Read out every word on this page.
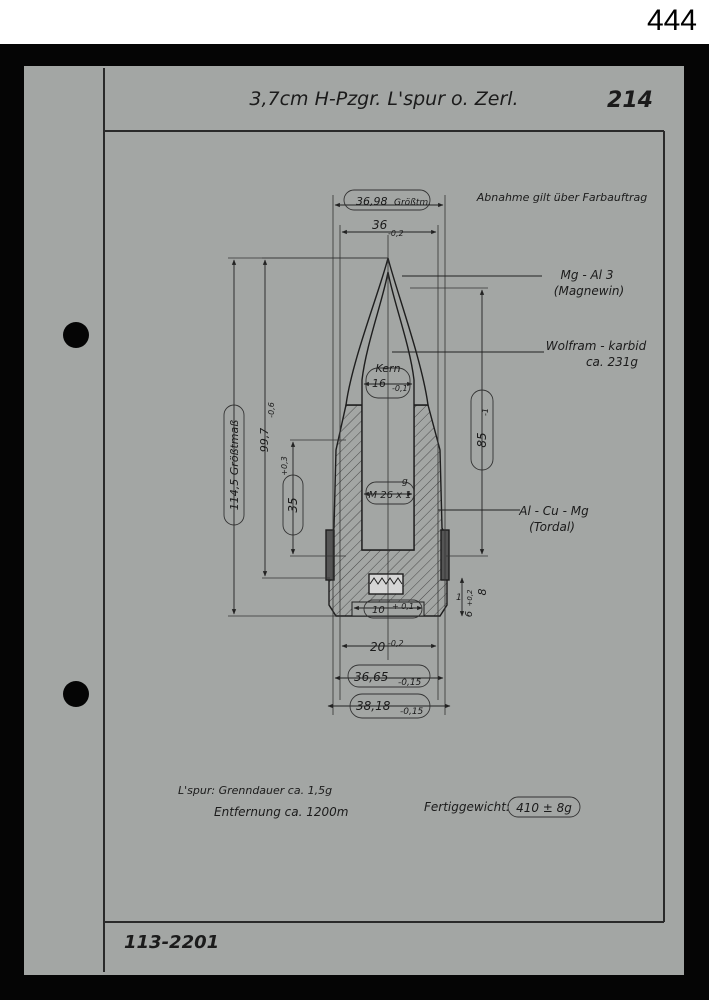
444
3,7cm H-Pzgr. L'spur o. Zerl.	214
113-2201
36,98 Größtm.
36
-0,2
Kern
16 -0,1
g
M 26 x 1
10 + 0,1
20 -0,2
36,65 -0,15
38,18 -0,15
114,5 Größtmaß 99,7
-0,6
35
+0,3
85
-1
1
6
+0,2 8
Abnahme gilt über Farbauftrag
Mg - Al 3
(Magnewin)
Wolfram - karbid
ca. 231g
Al - Cu - Mg
(Tordal)
L'spur: Grenndauer ca. 1,5g
Entfernung ca. 1200m	Fertiggewicht: 410 ± 8g
